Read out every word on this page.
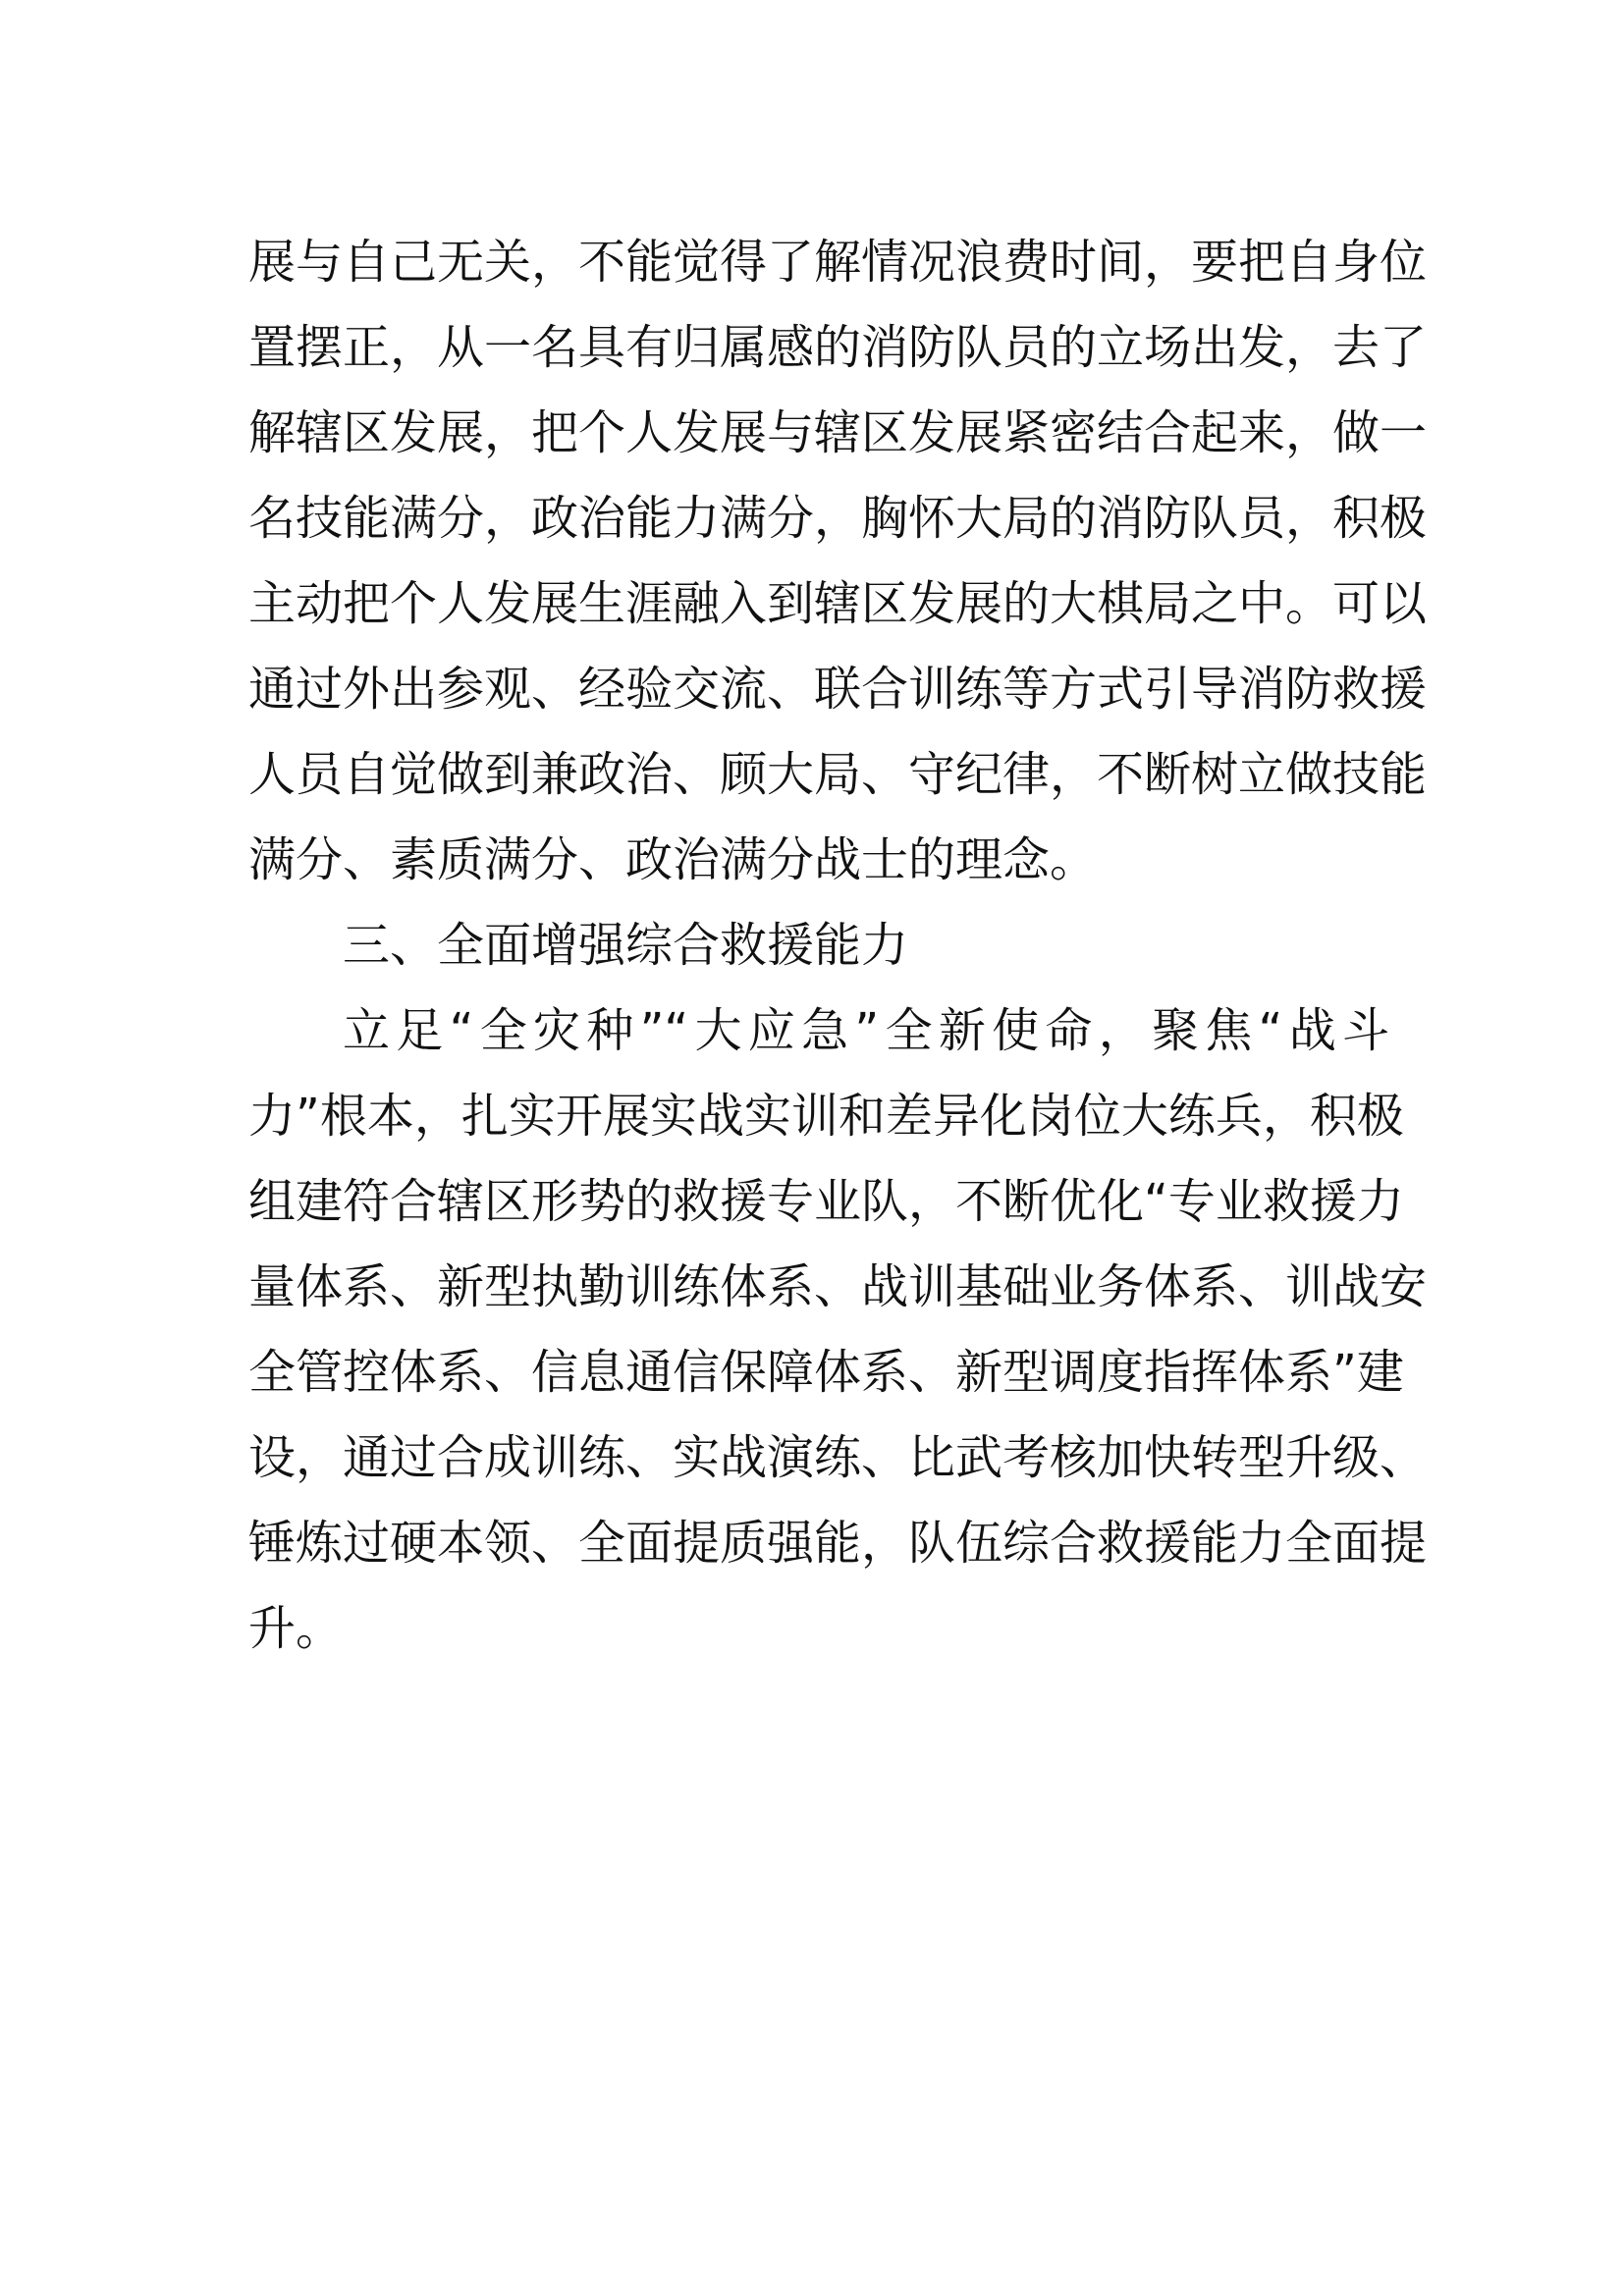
展与自己无关，不能觉得了解情况浪费时间，要把自身位
置摆正，从一名具有归属感的消防队员的立场出发，去了
解辖区发展，把个人发展与辖区发展紧密结合起来，做一
名技能满分，政治能力满分，胸怀大局的消防队员，积极
主动把个人发展生涯融入到辖区发展的大棋局之中。可以
通过外出参观、经验交流、联合训练等方式引导消防救援
人员自觉做到兼政治、顾大局、守纪律，不断树立做技能
满分、素质满分、政治满分战士的理念。
三、全面增强综合救援能力
立足“全灾种”“大应急”全新使命，聚焦“战斗
力”根本，扎实开展实战实训和差异化岗位大练兵，积极
组建符合辖区形势的救援专业队，不断优化“专业救援力
量体系、新型执勤训练体系、战训基础业务体系、训战安
全管控体系、信息通信保障体系、新型调度指挥体系”建
设，通过合成训练、实战演练、比武考核加快转型升级、
锤炼过硬本领、全面提质强能，队伍综合救援能力全面提
升。
